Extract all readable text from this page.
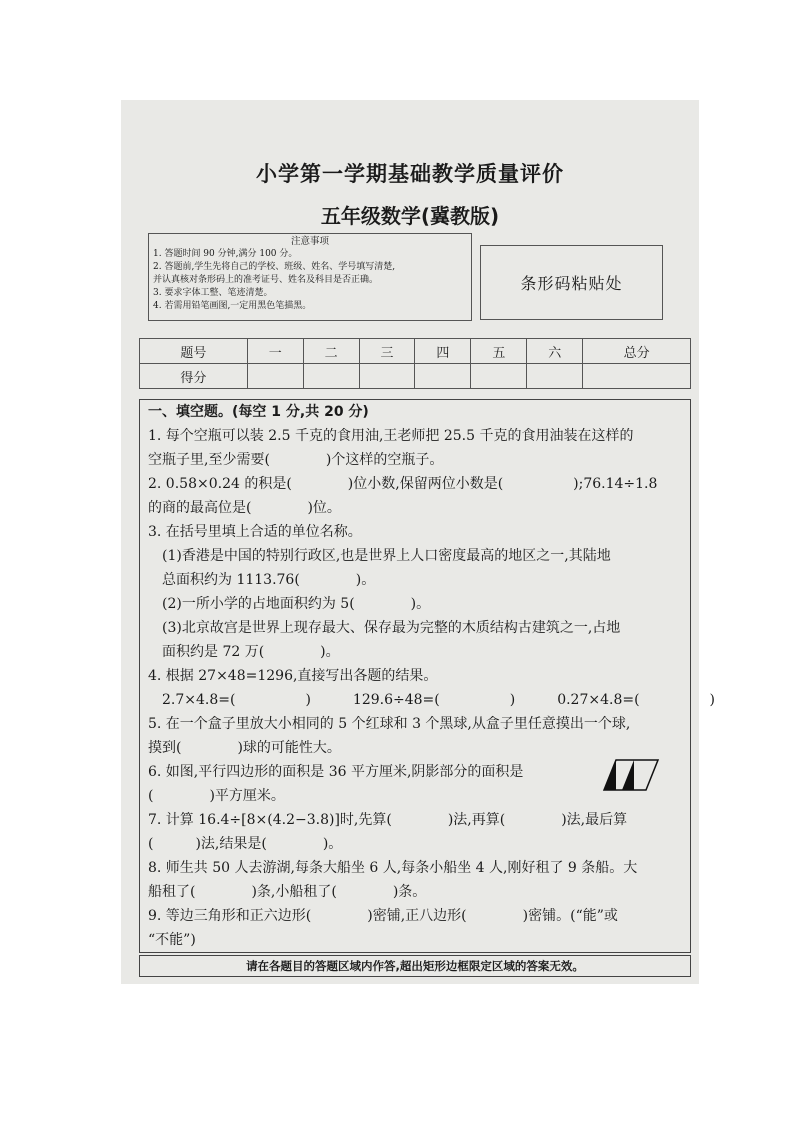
小学第一学期基础教学质量评价
五年级数学(冀教版)
注意事项
1. 答题时间 90 分钟,满分 100 分。
2. 答题前,学生先将自己的学校、班级、姓名、学号填写清楚,
并认真核对条形码上的准考证号、姓名及科目是否正确。
3. 要求字体工整、笔迹清楚。
4. 若需用铅笔画图,一定用黑色笔描黑。
条形码粘贴处
题号	一	二	三	四	五	六	总分
得分							
一、填空题。(每空 1 分,共 20 分)
1. 每个空瓶可以装 2.5 千克的食用油,王老师把 25.5 千克的食用油装在这样的
空瓶子里,至少需要(　　　　)个这样的空瓶子。
2. 0.58×0.24 的积是(　　　　)位小数,保留两位小数是(　　　　　);76.14÷1.8
的商的最高位是(　　　　)位。
3. 在括号里填上合适的单位名称。
(1)香港是中国的特别行政区,也是世界上人口密度最高的地区之一,其陆地
总面积约为 1113.76(　　　　)。
(2)一所小学的占地面积约为 5(　　　　)。
(3)北京故宫是世界上现存最大、保存最为完整的木质结构古建筑之一,占地
面积约是 72 万(　　　　)。
4. 根据 27×48=1296,直接写出各题的结果。
2.7×4.8=(　　　　　)　　　129.6÷48=(　　　　　)　　　0.27×4.8=(　　　　　)
5. 在一个盒子里放大小相同的 5 个红球和 3 个黑球,从盒子里任意摸出一个球,
摸到(　　　　)球的可能性大。
6. 如图,平行四边形的面积是 36 平方厘米,阴影部分的面积是
(　　　　)平方厘米。
7. 计算 16.4÷[8×(4.2−3.8)]时,先算(　　　　)法,再算(　　　　)法,最后算
(　　　)法,结果是(　　　　)。
8. 师生共 50 人去游湖,每条大船坐 6 人,每条小船坐 4 人,刚好租了 9 条船。大
船租了(　　　　)条,小船租了(　　　　)条。
9. 等边三角形和正六边形(　　　　)密铺,正八边形(　　　　)密铺。(“能”或
“不能”)
请在各题目的答题区域内作答,超出矩形边框限定区域的答案无效。
